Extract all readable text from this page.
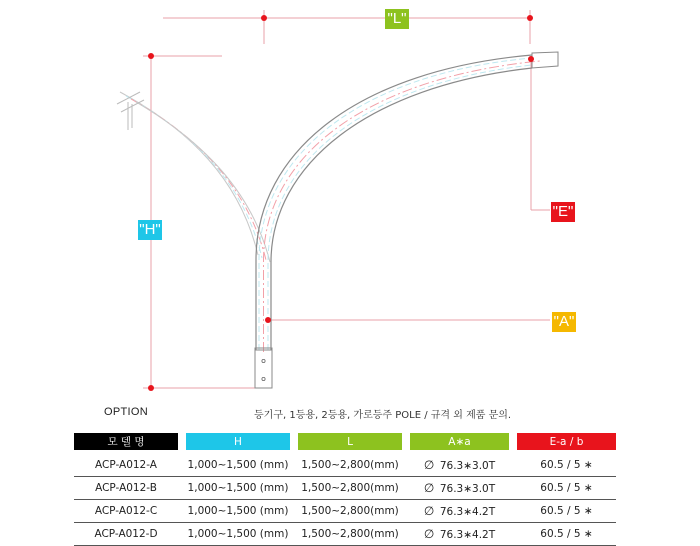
"L"
"H"
"E"
"A"
OPTION	등기구, 1등용, 2등용, 가로등주 POLE / 규격 외 제품 문의.
모 델 명		H		L		A∗a		E-a / b
ACP-A012-A		1,000~1,500 (mm)		1,500~2,800(mm)		∅ 76.3∗3.0T		60.5 / 5 ∗
ACP-A012-B		1,000~1,500 (mm)		1,500~2,800(mm)		∅ 76.3∗3.0T		60.5 / 5 ∗
ACP-A012-C		1,000~1,500 (mm)		1,500~2,800(mm)		∅ 76.3∗4.2T		60.5 / 5 ∗
ACP-A012-D		1,000~1,500 (mm)		1,500~2,800(mm)		∅ 76.3∗4.2T		60.5 / 5 ∗
